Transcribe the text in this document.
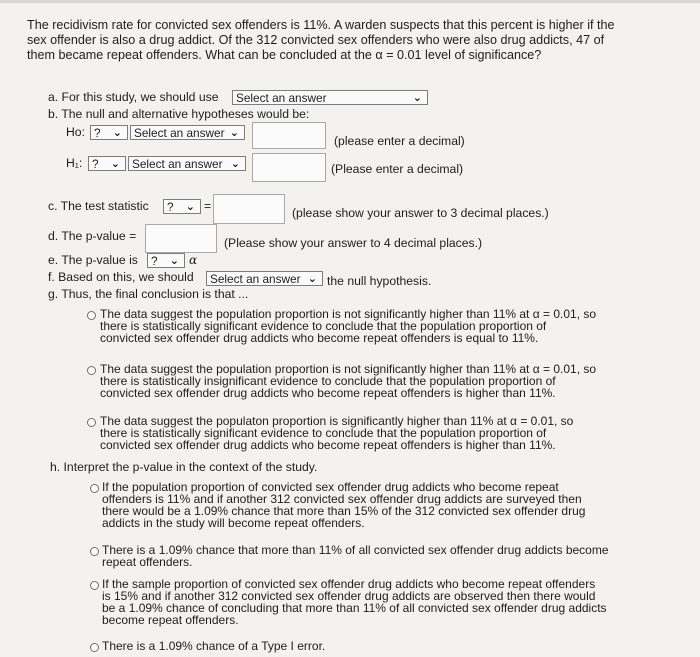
The recidivism rate for convicted sex offenders is 11%. A warden suspects that this percent is higher if the
sex offender is also a drug addict. Of the 312 convicted sex offenders who were also drug addicts, 47 of
them became repeat offenders. What can be concluded at the α = 0.01 level of significance?
a. For this study, we should use	Select an answer	⌄
b. The null and alternative hypotheses would be:
Ho: ? ⌄	Select an answer ⌄
(please enter a decimal)
H₁: ? ⌄	Select an answer ⌄	(Please enter a decimal)
c. The test statistic	? ⌄ =	(please show your answer to 3 decimal places.)
d. The p-value =	(Please show your answer to 4 decimal places.)
e. The p-value is	? ⌄ α
f. Based on this, we should	Select an answer ⌄ the null hypothesis.
g. Thus, the final conclusion is that ...
The data suggest the population proportion is not significantly higher than 11% at α = 0.01, so
there is statistically significant evidence to conclude that the population proportion of
convicted sex offender drug addicts who become repeat offenders is equal to 11%.
The data suggest the population proportion is not significantly higher than 11% at α = 0.01, so
there is statistically insignificant evidence to conclude that the population proportion of
convicted sex offender drug addicts who become repeat offenders is higher than 11%.
The data suggest the populaton proportion is significantly higher than 11% at α = 0.01, so
there is statistically significant evidence to conclude that the population proportion of
convicted sex offender drug addicts who become repeat offenders is higher than 11%.
h. Interpret the p-value in the context of the study.
If the population proportion of convicted sex offender drug addicts who become repeat
offenders is 11% and if another 312 convicted sex offender drug addicts are surveyed then
there would be a 1.09% chance that more than 15% of the 312 convicted sex offender drug
addicts in the study will become repeat offenders.
There is a 1.09% chance that more than 11% of all convicted sex offender drug addicts become
repeat offenders.
If the sample proportion of convicted sex offender drug addicts who become repeat offenders
is 15% and if another 312 convicted sex offender drug addicts are observed then there would
be a 1.09% chance of concluding that more than 11% of all convicted sex offender drug addicts
become repeat offenders.
There is a 1.09% chance of a Type I error.
